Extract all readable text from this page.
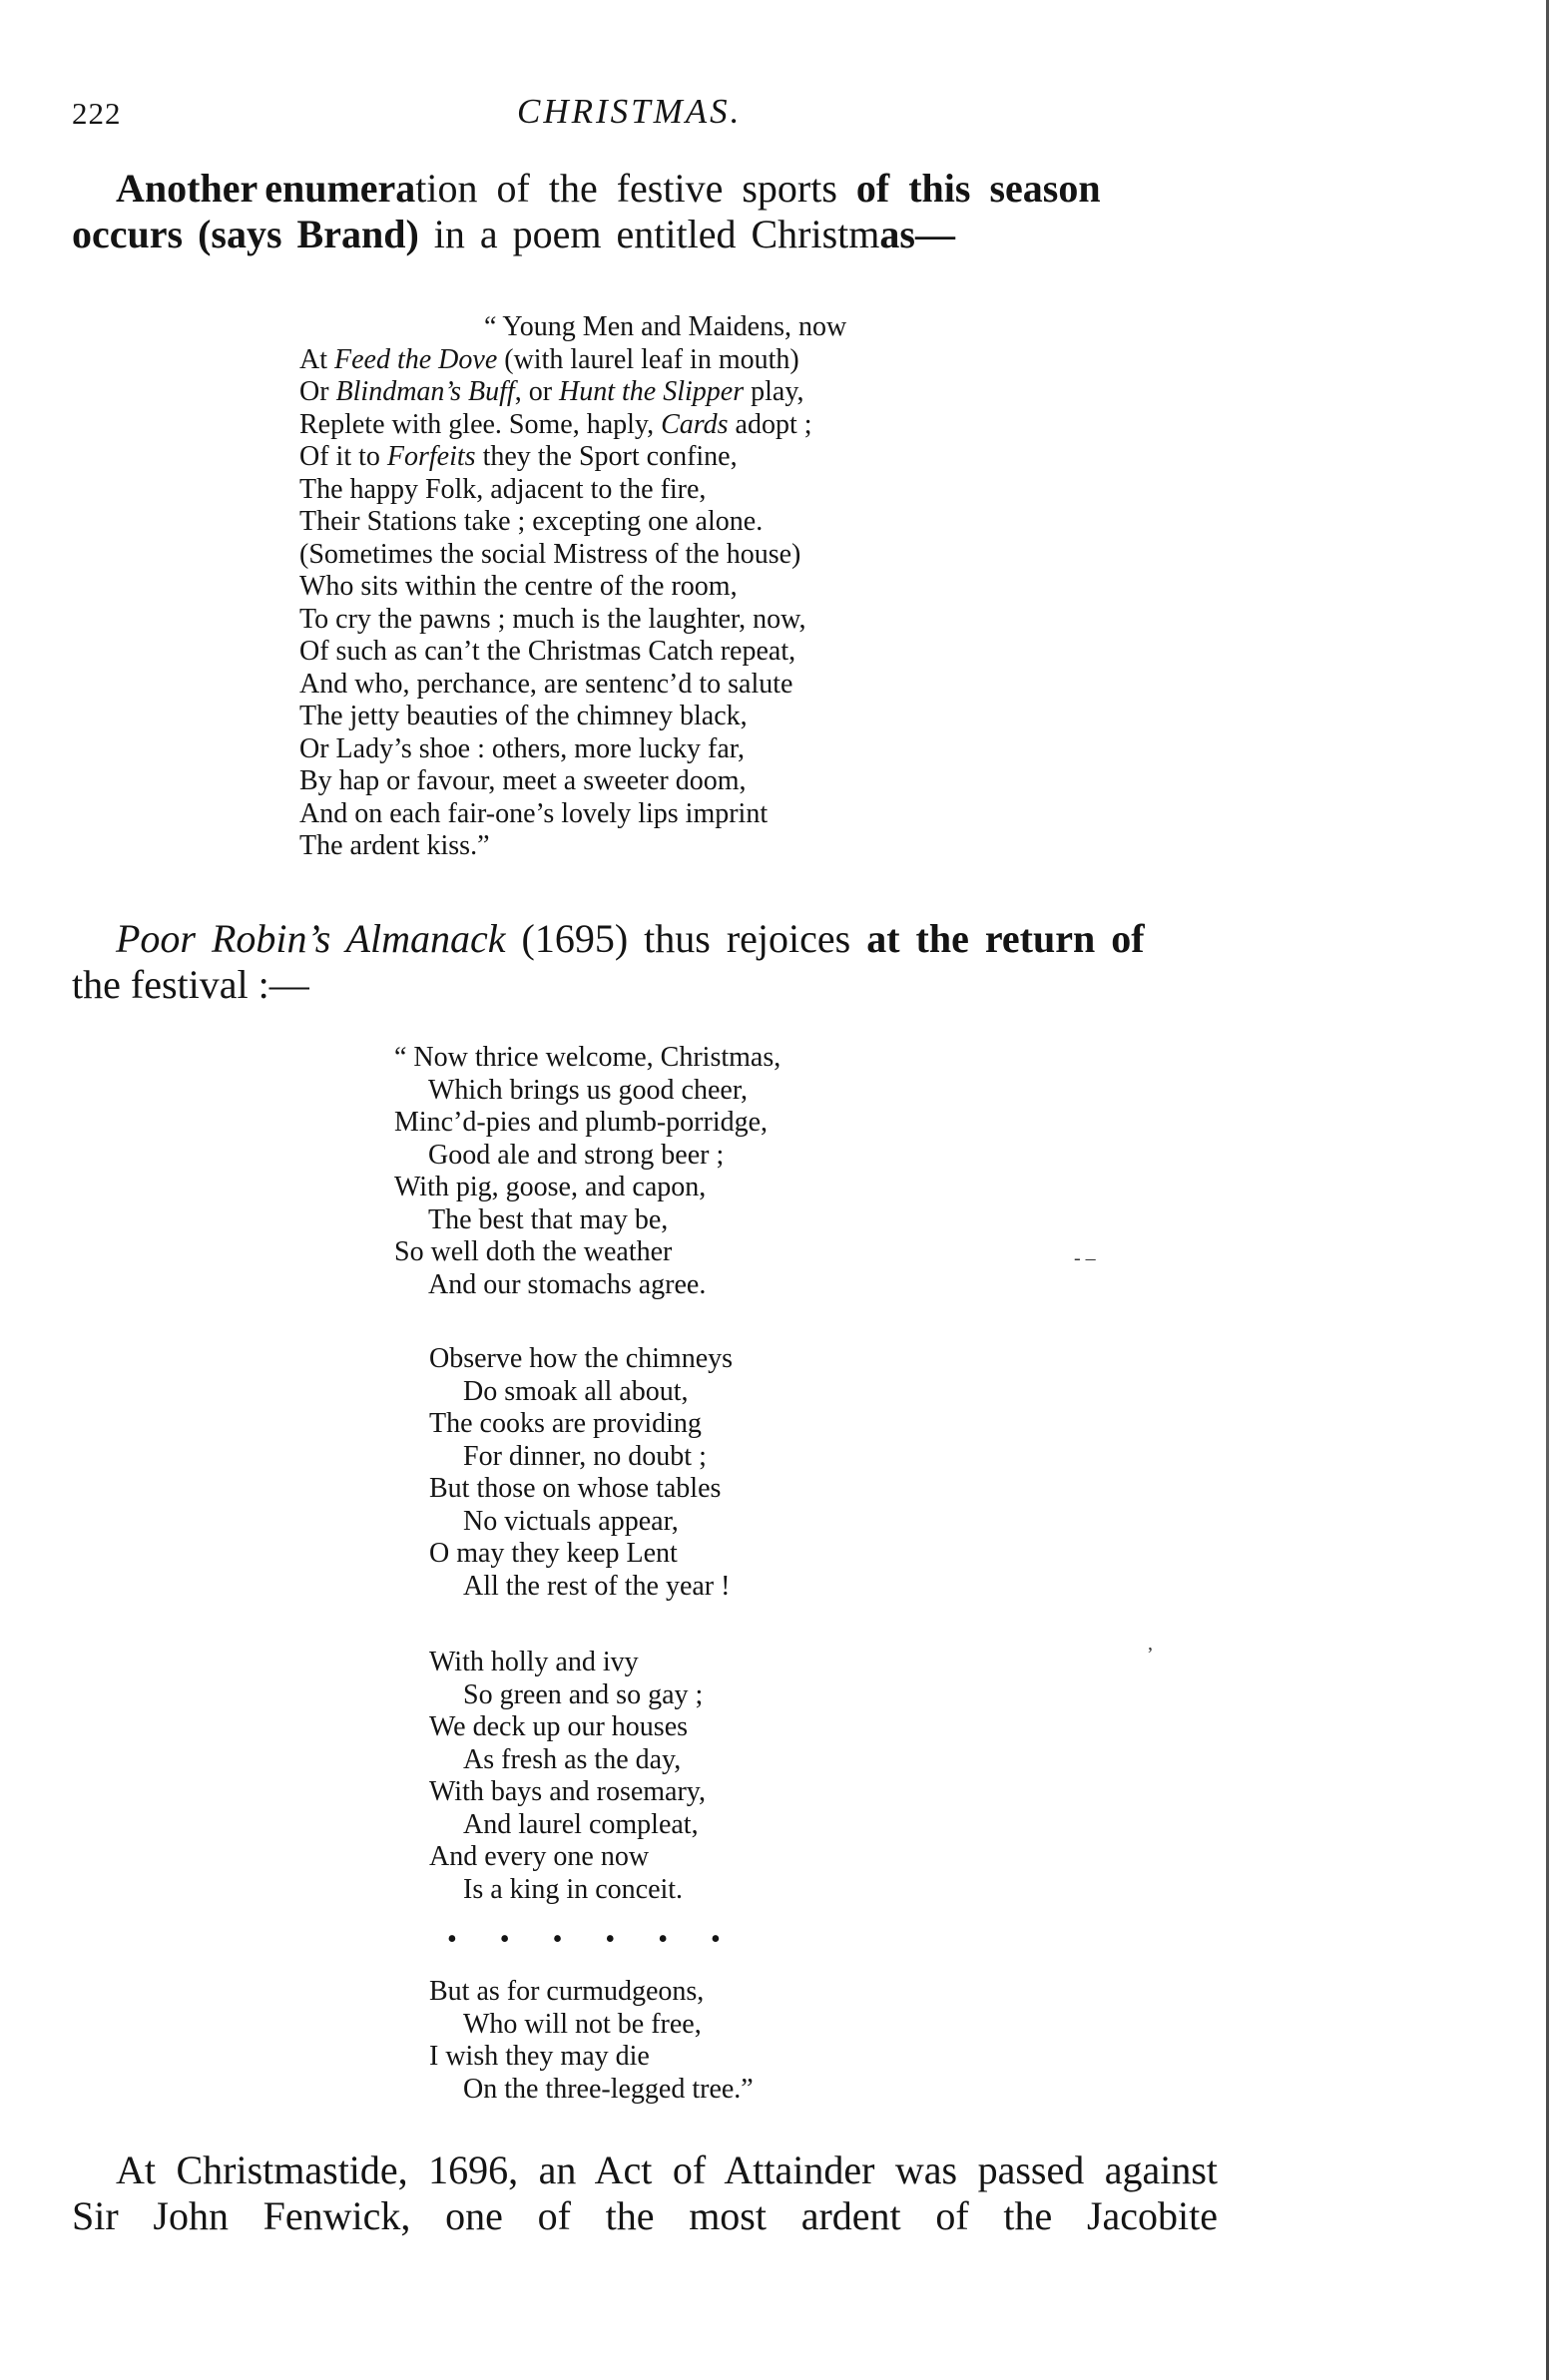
222	CHRISTMAS.
Another enumeration of the festive sports of this season
occurs (says Brand) in a poem entitled Christmas—
“ Young Men and Maidens, now
At Feed the Dove (with laurel leaf in mouth)
Or Blindman’s Buff, or Hunt the Slipper play,
Replete with glee. Some, haply, Cards adopt ;
Of it to Forfeits they the Sport confine,
The happy Folk, adjacent to the fire,
Their Stations take ; excepting one alone.
(Sometimes the social Mistress of the house)
Who sits within the centre of the room,
To cry the pawns ; much is the laughter, now,
Of such as can’t the Christmas Catch repeat,
And who, perchance, are sentenc’d to salute
The jetty beauties of the chimney black,
Or Lady’s shoe : others, more lucky far,
By hap or favour, meet a sweeter doom,
And on each fair-one’s lovely lips imprint
The ardent kiss.”
Poor Robin’s Almanack (1695) thus rejoices at the return of
the festival :—
“ Now thrice welcome, Christmas,
Which brings us good cheer,
Minc’d-pies and plumb-porridge,
Good ale and strong beer ;
With pig, goose, and capon,
The best that may be,
So well doth the weather
And our stomachs agree.
Observe how the chimneys
Do smoak all about,
The cooks are providing
For dinner, no doubt ;
But those on whose tables
No victuals appear,
O may they keep Lent
All the rest of the year !
With holly and ivy
So green and so gay ;
We deck up our houses
As fresh as the day,
With bays and rosemary,
And laurel compleat,
And every one now
Is a king in conceit.
• • • • • •
But as for curmudgeons,
Who will not be free,
I wish they may die
On the three-legged tree.”
At Christmastide, 1696, an Act of Attainder was passed against
Sir John Fenwick, one of the most ardent of the Jacobite
‐ ‒
,
